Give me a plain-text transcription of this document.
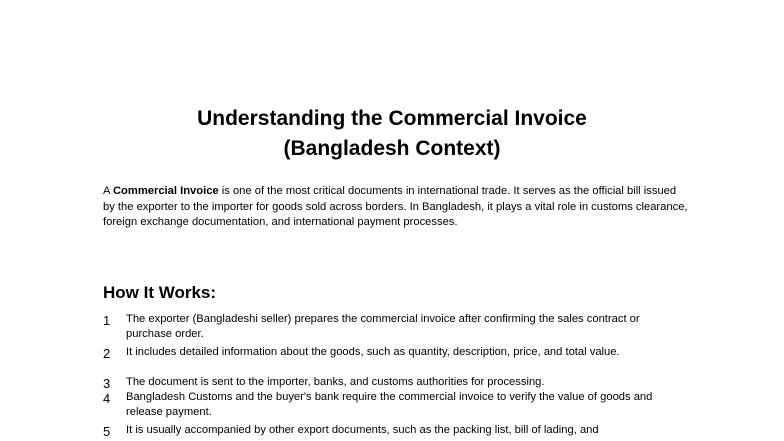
Understanding the Commercial Invoice
(Bangladesh Context)

A Commercial Invoice is one of the most critical documents in international trade. It serves as the official bill issued by the exporter to the importer for goods sold across borders. In Bangladesh, it plays a vital role in customs clearance, foreign exchange documentation, and international payment processes.

How It Works:
1	The exporter (Bangladeshi seller) prepares the commercial invoice after confirming the sales contract or purchase order.
2	It includes detailed information about the goods, such as quantity, description, price, and total value.
3	The document is sent to the importer, banks, and customs authorities for processing.
4	Bangladesh Customs and the buyer's bank require the commercial invoice to verify the value of goods and release payment.
5	It is usually accompanied by other export documents, such as the packing list, bill of lading, and
